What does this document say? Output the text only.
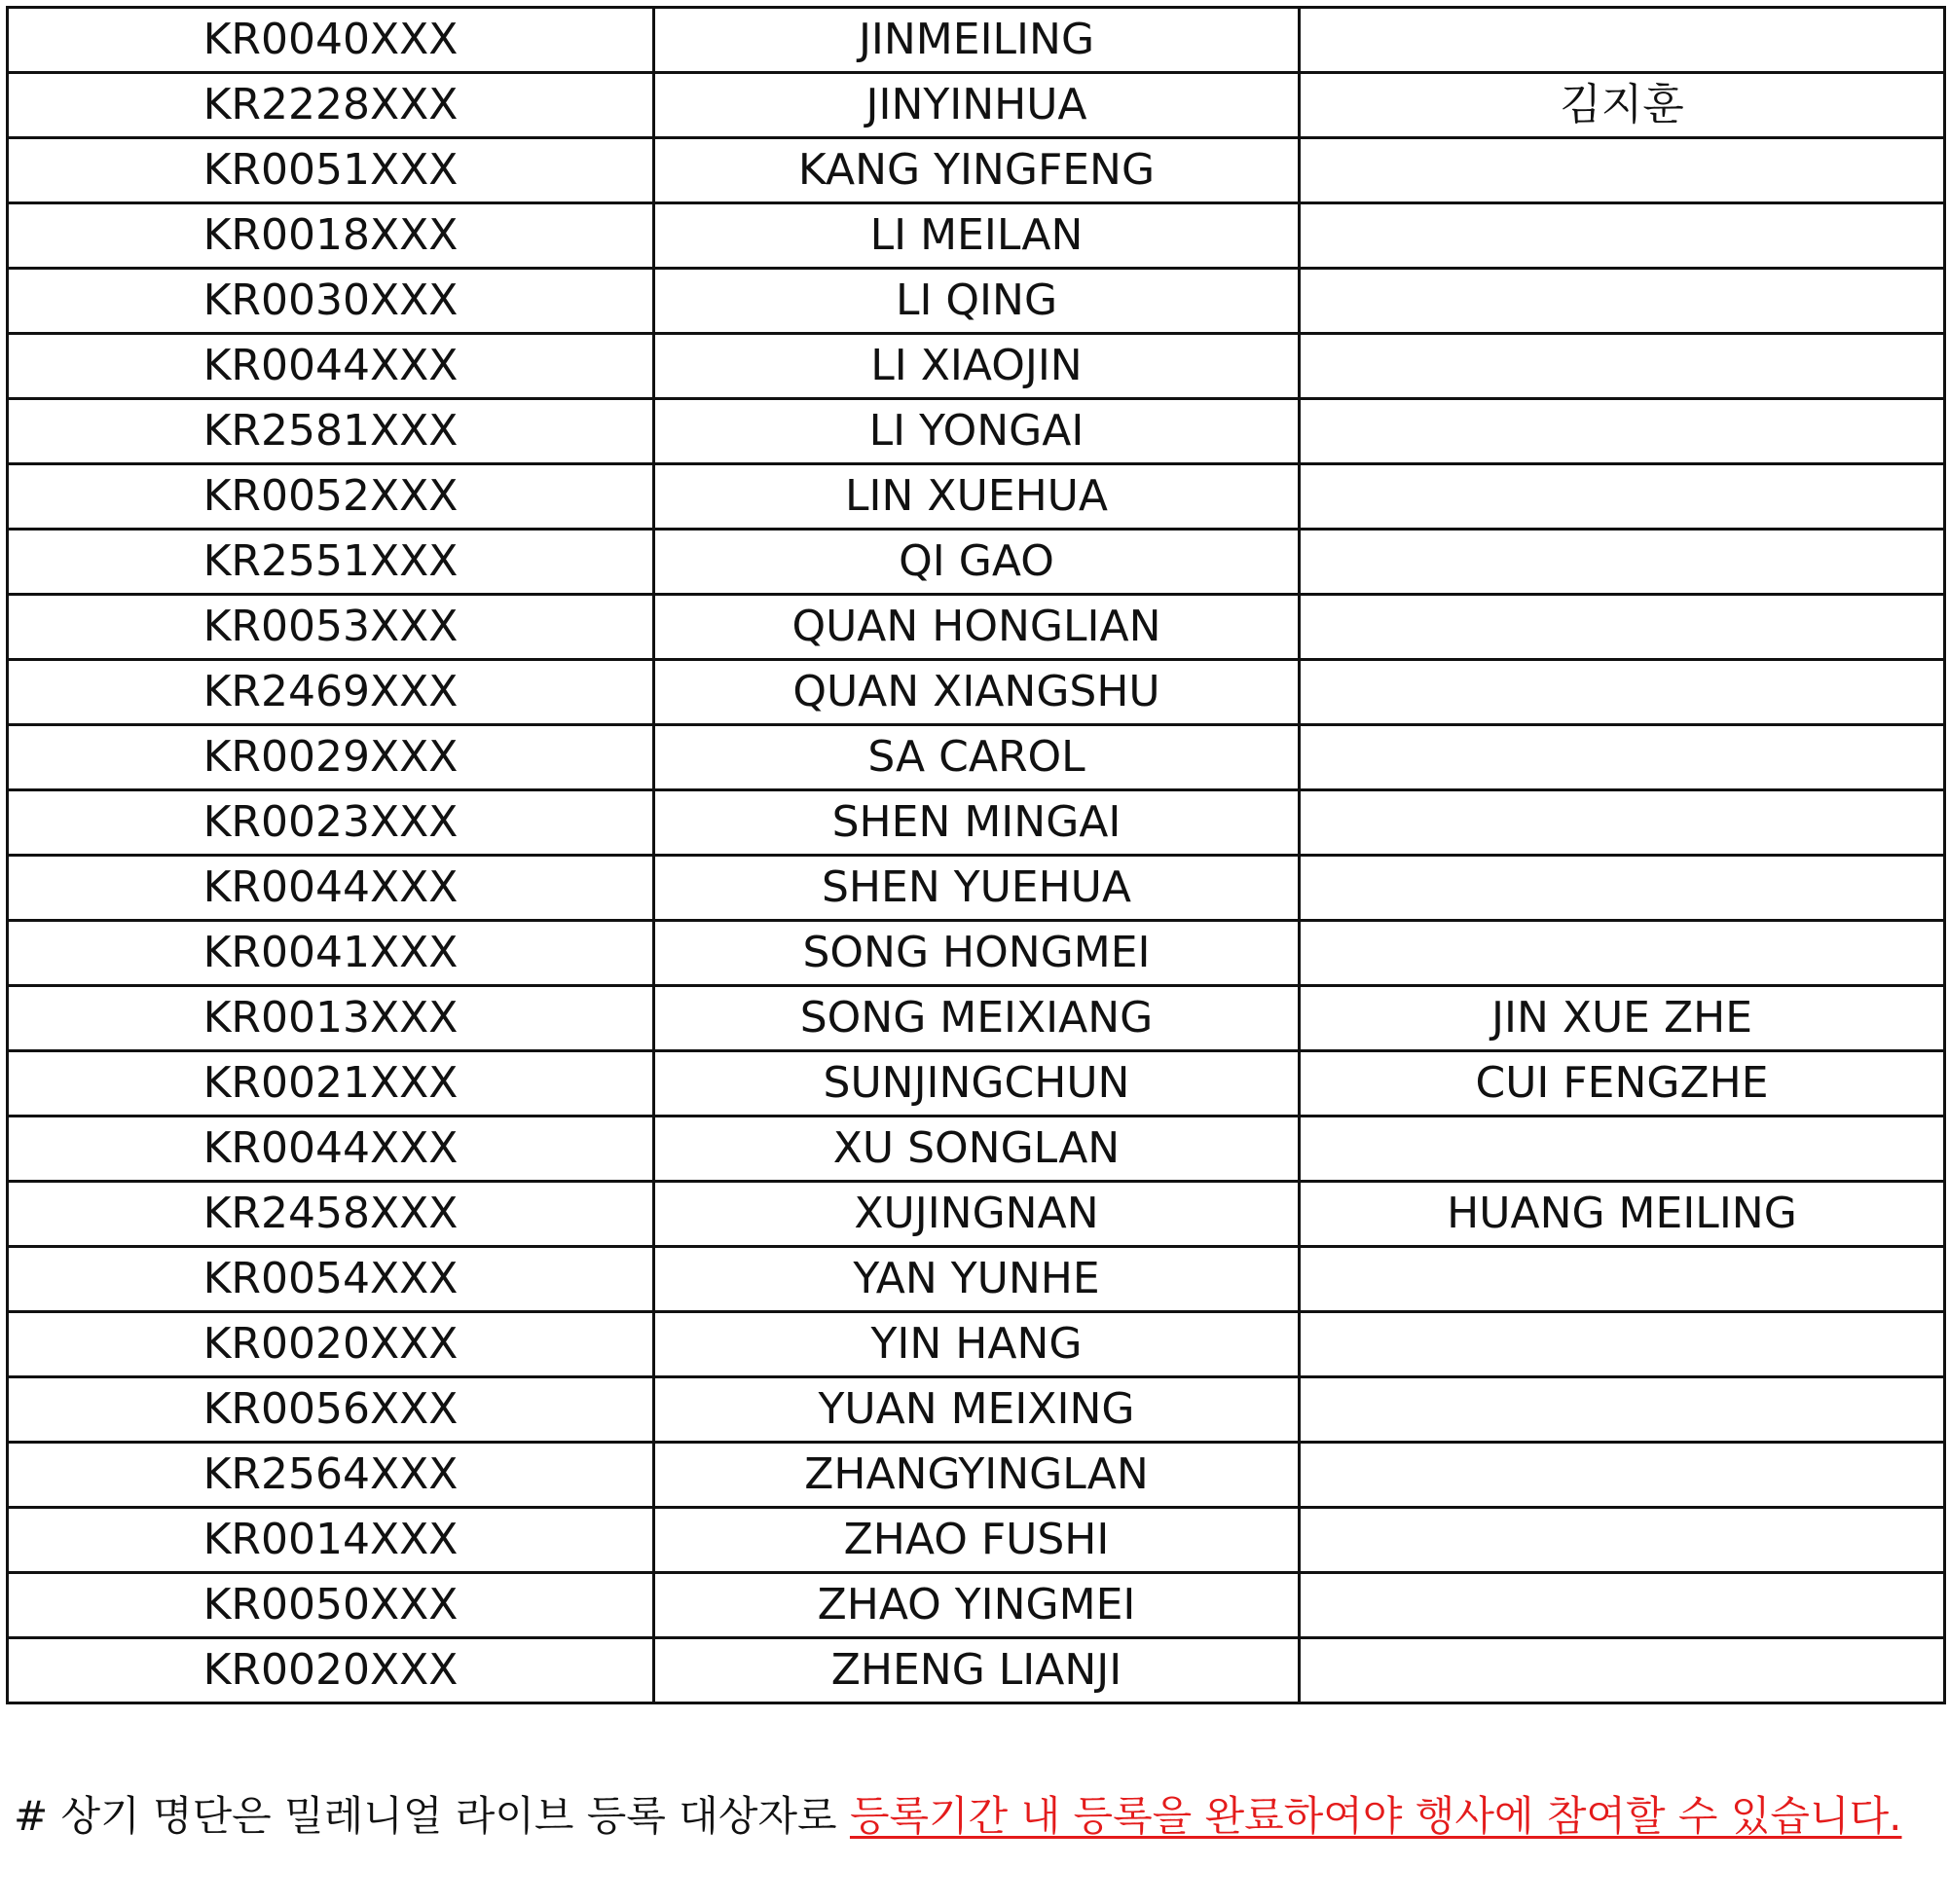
KR0040XXX	JINMEILING	
KR2228XXX	JINYINHUA	김지훈
KR0051XXX	KANG YINGFENG	
KR0018XXX	LI MEILAN	
KR0030XXX	LI QING	
KR0044XXX	LI XIAOJIN	
KR2581XXX	LI YONGAI	
KR0052XXX	LIN XUEHUA	
KR2551XXX	QI GAO	
KR0053XXX	QUAN HONGLIAN	
KR2469XXX	QUAN XIANGSHU	
KR0029XXX	SA CAROL	
KR0023XXX	SHEN MINGAI	
KR0044XXX	SHEN YUEHUA	
KR0041XXX	SONG HONGMEI	
KR0013XXX	SONG MEIXIANG	JIN XUE ZHE
KR0021XXX	SUNJINGCHUN	CUI FENGZHE
KR0044XXX	XU SONGLAN	
KR2458XXX	XUJINGNAN	HUANG MEILING
KR0054XXX	YAN YUNHE	
KR0020XXX	YIN HANG	
KR0056XXX	YUAN MEIXING	
KR2564XXX	ZHANGYINGLAN	
KR0014XXX	ZHAO FUSHI	
KR0050XXX	ZHAO YINGMEI	
KR0020XXX	ZHENG LIANJI	
# 상기 명단은 밀레니얼 라이브 등록 대상자로 등록기간 내 등록을 완료하여야 행사에 참여할 수 있습니다.
